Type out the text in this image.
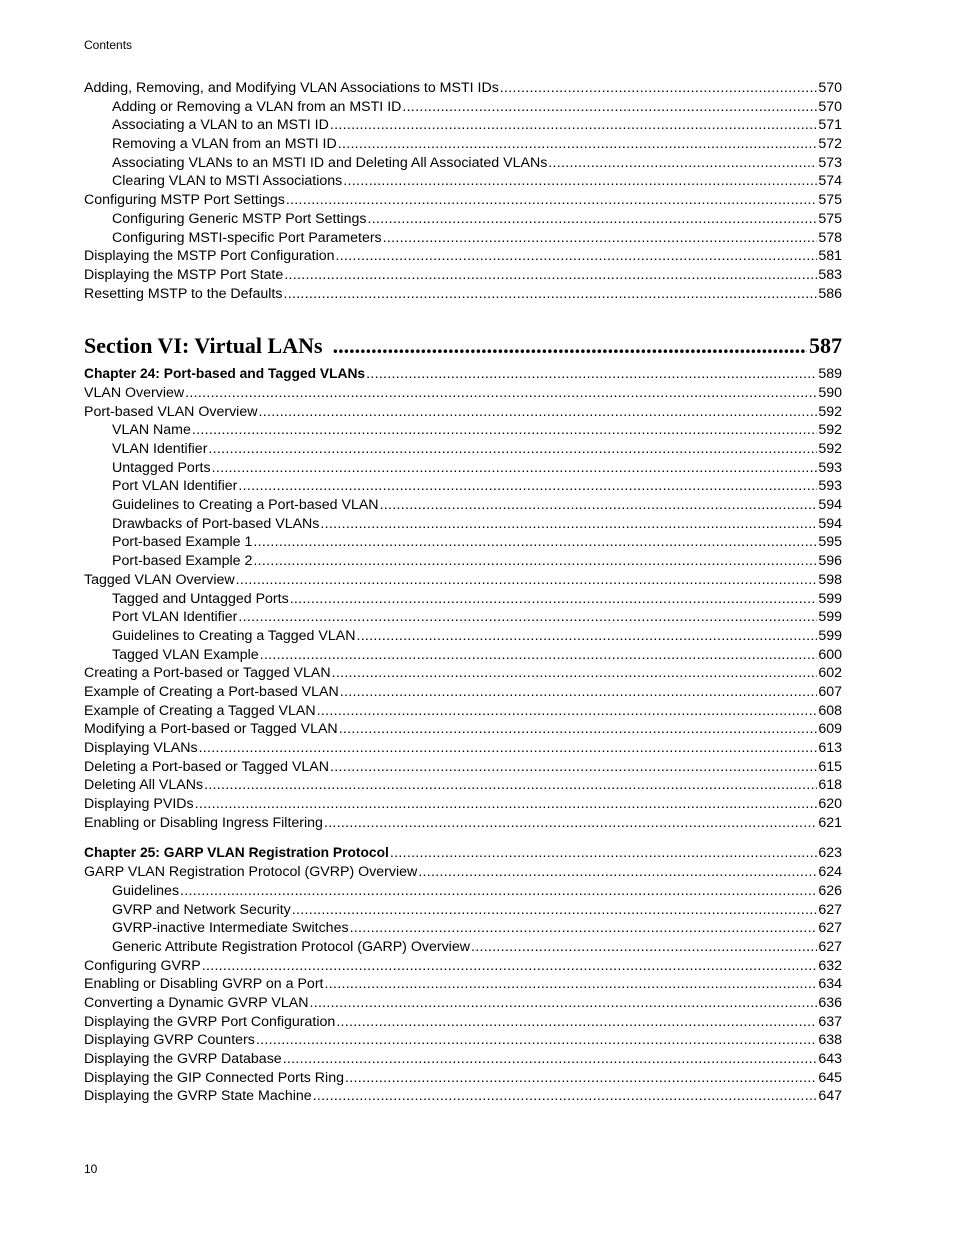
Contents
Adding, Removing, and Modifying VLAN Associations to MSTI IDs .....	570
Adding or Removing a VLAN from an MSTI ID .....	570
Associating a VLAN to an MSTI ID .....	571
Removing a VLAN from an MSTI ID .....	572
Associating VLANs to an MSTI ID and Deleting All Associated VLANs .....	573
Clearing VLAN to MSTI Associations .....	574
Configuring MSTP Port Settings .....	575
Configuring Generic MSTP Port Settings .....	575
Configuring MSTI-specific Port Parameters .....	578
Displaying the MSTP Port Configuration .....	581
Displaying the MSTP Port State .....	583
Resetting MSTP to the Defaults .....	586
Section VI: Virtual LANs .....	587
Chapter 24: Port-based and Tagged VLANs .....	589
VLAN Overview .....	590
Port-based VLAN Overview .....	592
VLAN Name .....	592
VLAN Identifier .....	592
Untagged Ports .....	593
Port VLAN Identifier .....	593
Guidelines to Creating a Port-based VLAN .....	594
Drawbacks of Port-based VLANs .....	594
Port-based Example 1 .....	595
Port-based Example 2 .....	596
Tagged VLAN Overview .....	598
Tagged and Untagged Ports .....	599
Port VLAN Identifier .....	599
Guidelines to Creating a Tagged VLAN .....	599
Tagged VLAN Example .....	600
Creating a Port-based or Tagged VLAN .....	602
Example of Creating a Port-based VLAN .....	607
Example of Creating a Tagged VLAN .....	608
Modifying a Port-based or Tagged VLAN .....	609
Displaying VLANs .....	613
Deleting a Port-based or Tagged VLAN .....	615
Deleting All VLANs .....	618
Displaying PVIDs .....	620
Enabling or Disabling Ingress Filtering .....	621
Chapter 25: GARP VLAN Registration Protocol .....	623
GARP VLAN Registration Protocol (GVRP) Overview .....	624
Guidelines .....	626
GVRP and Network Security .....	627
GVRP-inactive Intermediate Switches .....	627
Generic Attribute Registration Protocol (GARP) Overview .....	627
Configuring GVRP .....	632
Enabling or Disabling GVRP on a Port .....	634
Converting a Dynamic GVRP VLAN .....	636
Displaying the GVRP Port Configuration .....	637
Displaying GVRP Counters .....	638
Displaying the GVRP Database .....	643
Displaying the GIP Connected Ports Ring .....	645
Displaying the GVRP State Machine .....	647
10
